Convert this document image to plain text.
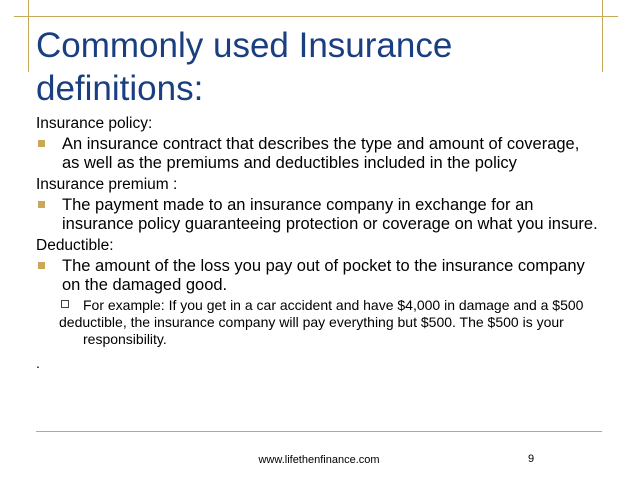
Commonly used Insurance definitions:
Insurance policy:
An insurance contract that describes the type and amount of coverage, as well as the premiums and deductibles included in the policy
Insurance premium :
The payment made to an insurance company in exchange for an insurance policy guaranteeing protection or coverage on what you insure.
Deductible:
The amount of the loss you pay out of pocket to the insurance company on the damaged good.
For example: If you get in a car accident and have $4,000 in damage and a $500
deductible, the insurance company will pay everything but $500. The $500 is your responsibility.
.
www.lifethenfinance.com	9
